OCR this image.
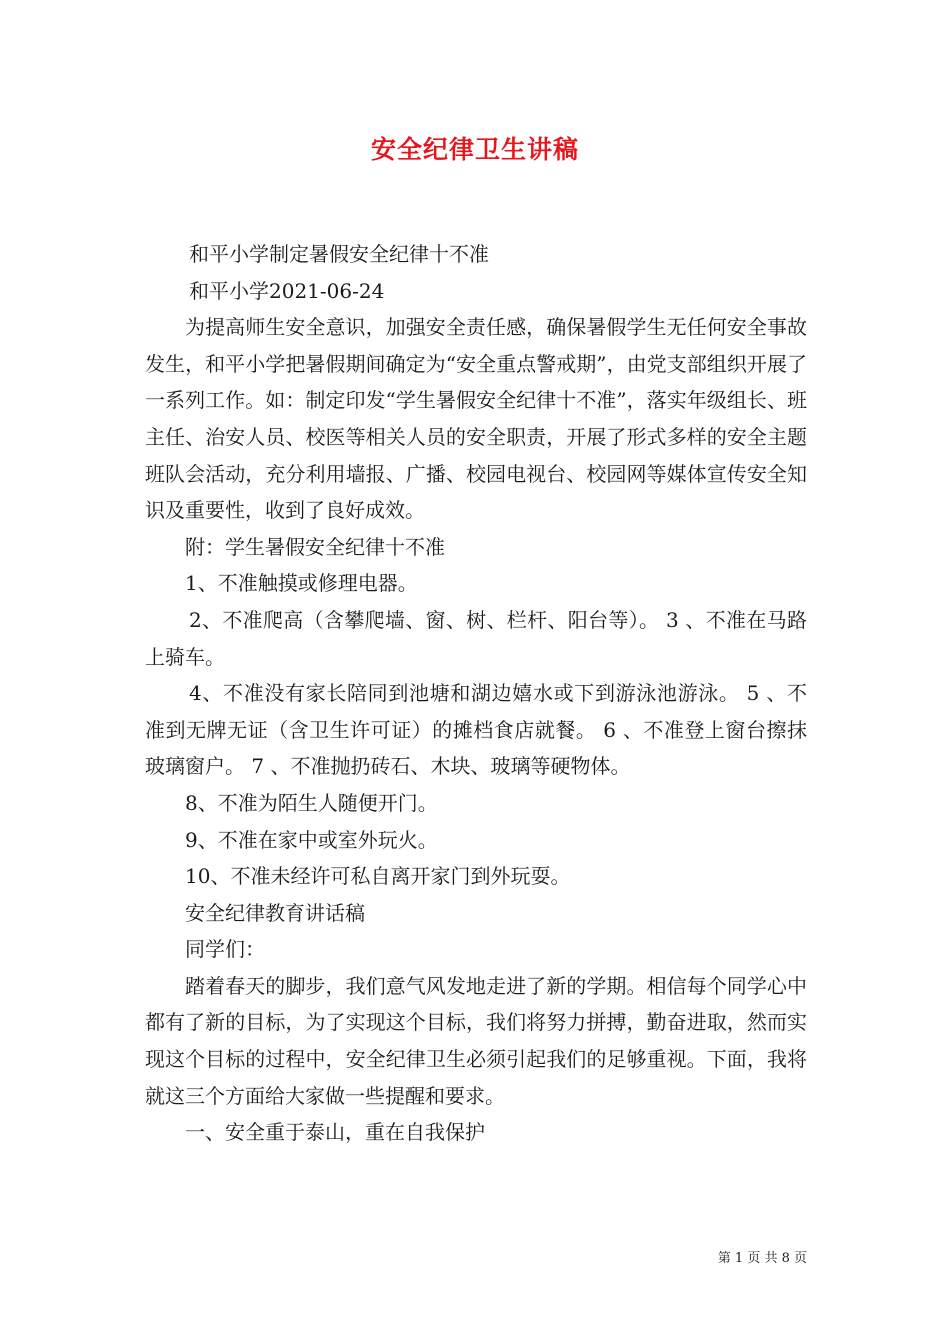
安全纪律卫生讲稿

和平小学制定暑假安全纪律十不准

和平小学2021-06-24

为提高师生安全意识，加强安全责任感，确保暑假学生无任何安全事故发生，和平小学把暑假期间确定为“安全重点警戒期”，由党支部组织开展了一系列工作。如：制定印发“学生暑假安全纪律十不准”，落实年级组长、班主任、治安人员、校医等相关人员的安全职责，开展了形式多样的安全主题班队会活动，充分利用墙报、广播、校园电视台、校园网等媒体宣传安全知识及重要性，收到了良好成效。

附：学生暑假安全纪律十不准

1、不准触摸或修理电器。

2、不准爬高（含攀爬墙、窗、树、栏杆、阳台等）。 3 、不准在马路上骑车。

4、不准没有家长陪同到池塘和湖边嬉水或下到游泳池游泳。 5 、不准到无牌无证（含卫生许可证）的摊档食店就餐。 6 、不准登上窗台擦抹玻璃窗户。 7 、不准抛扔砖石、木块、玻璃等硬物体。

8、不准为陌生人随便开门。

9、不准在家中或室外玩火。

10、不准未经许可私自离开家门到外玩耍。

安全纪律教育讲话稿

同学们：

踏着春天的脚步，我们意气风发地走进了新的学期。相信每个同学心中都有了新的目标，为了实现这个目标，我们将努力拼搏，勤奋进取，然而实现这个目标的过程中，安全纪律卫生必须引起我们的足够重视。下面，我将就这三个方面给大家做一些提醒和要求。

一、安全重于泰山，重在自我保护

第 1 页 共 8 页
